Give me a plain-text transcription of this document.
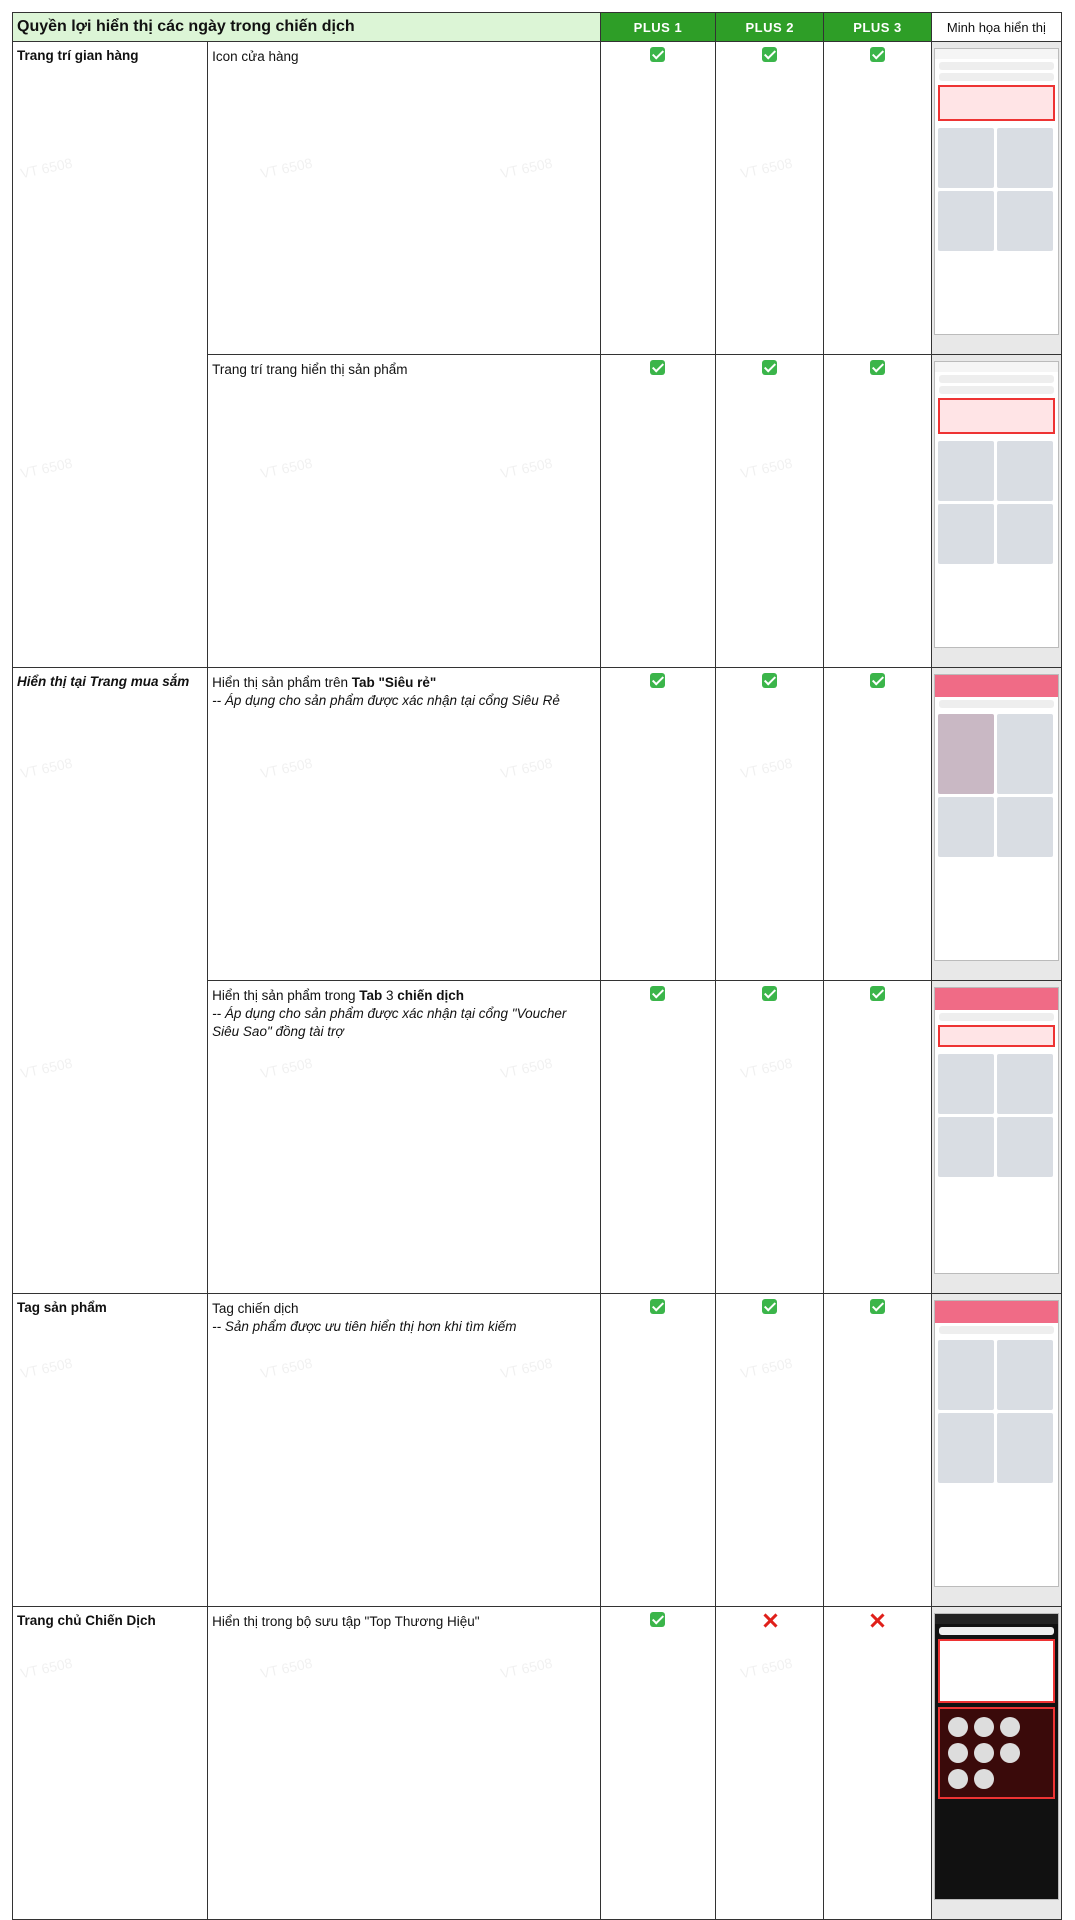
Quyền lợi hiển thị các ngày trong chiến dịch		PLUS 1	PLUS 2	PLUS 3	Minh họa hiển thị
Trang trí gian hàng	Icon cửa hàng				

	Trang trí trang hiển thị sản phẩm				

Hiển thị tại Trang mua sắm	Hiển thị sản phẩm trên Tab "Siêu rẻ"
-- Áp dụng cho sản phẩm được xác nhận tại cổng Siêu Rẻ				

	Hiển thị sản phẩm trong Tab 3 chiến dịch
-- Áp dụng cho sản phẩm được xác nhận tại cổng "Voucher Siêu Sao" đồng tài trợ				

Tag sản phẩm	Tag chiến dịch
-- Sản phẩm được ưu tiên hiển thị hơn khi tìm kiếm				

Trang chủ Chiến Dịch	Hiển thị trong bộ sưu tập "Top Thương Hiệu"				
VT 6508	VT 6508	VT 6508	VT 6508
VT 6508	VT 6508	VT 6508	VT 6508
VT 6508	VT 6508	VT 6508	VT 6508
VT 6508	VT 6508	VT 6508	VT 6508
VT 6508	VT 6508	VT 6508	VT 6508
VT 6508	VT 6508	VT 6508	VT 6508
